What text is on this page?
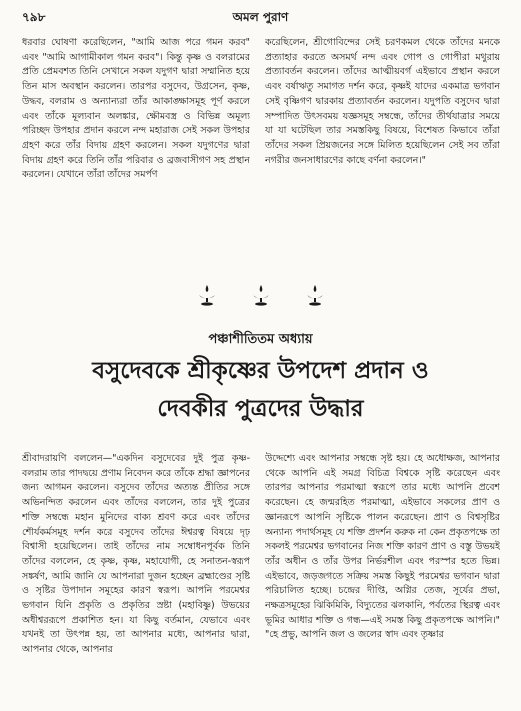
৭৯৮	অমল পুরাণ

ধরবার ঘোষণা করেছিলেন, "আমি আজ পরে গমন করব" এবং "আমি আগামীকাল গমন করব"। কিন্তু কৃষ্ণ ও বলরামের প্রতি প্রেমবশত তিনি সেখানে সকল যদুগণ দ্বারা সম্মানিত হয়ে তিন মাস অবস্থান করলেন। তারপর বসুদেব, উগ্রসেন, কৃষ্ণ, উদ্ধব, বলরাম ও অন্যান্যরা তাঁর আকাঙ্ক্ষাসমূহ পূর্ণ করলে এবং তাঁকে মূল্যবান অলঙ্কার, ক্ষৌমবস্ত্র ও বিভিন্ন অমূল্য পরিচ্ছদ উপহার প্রদান করলে নন্দ মহারাজ সেই সকল উপহার গ্রহণ করে তাঁর বিদায় গ্রহণ করলেন। সকল যদুগণের দ্বারা বিদায় গ্রহণ করে তিনি তাঁর পরিবার ও ব্রজবাসীগণ সহ প্রস্থান করলেন। যেখানে তাঁরা তাঁদের সমর্পণ

করেছিলেন, শ্রীগোবিন্দের সেই চরণকমল থেকে তাঁদের মনকে প্রত্যাহার করতে অসমর্থ নন্দ এবং গোপ ও গোপীরা মথুরায় প্রত্যাবর্তন করলেন। তাঁদের আত্মীয়বর্গ এইভাবে প্রস্থান করলে এবং বর্ষাঋতু সমাগত দর্শন করে, কৃষ্ণই যাদের একমাত্র ভগবান সেই বৃষ্ণিগণ দ্বারকায় প্রত্যাবর্তন করলেন। যদুপতি বসুদেব দ্বারা সম্পাদিত উৎসবময় যজ্ঞসমূহ সম্বন্ধে, তাঁদের তীর্থযাত্রার সময়ে যা যা ঘটেছিল তার সমস্তকিছু বিষয়ে, বিশেষত কিভাবে তাঁরা তাঁদের সকল প্রিয়জনের সঙ্গে মিলিত হয়েছিলেন সেই সব তাঁরা নগরীর জনসাধারণের কাছে বর্ণনা করলেন।"

পঞ্চাশীতিতম অধ্যায়
বসুদেবকে শ্রীকৃষ্ণের উপদেশ প্রদান ও
দেবকীর পুত্রদের উদ্ধার

শ্রীবাদরায়ণি বললেন—"একদিন বসুদেবের দুই পুত্র কৃষ্ণ-বলরাম তার পাদদ্বয়ে প্রণাম নিবেদন করে তাঁকে শ্রদ্ধা জ্ঞাপনের জন্য আগমন করলেন। বসুদেব তাঁদের অত্যন্ত প্রীতির সঙ্গে অভিনন্দিত করলেন এবং তাঁদের বললেন, তার দুই পুত্রের শক্তি সম্বন্ধে মহান মুনিদের বাক্য শ্রবণ করে এবং তাঁদের শৌর্যকর্মসমূহ দর্শন করে বসুদেব তাঁদের ঈশ্বরত্ব বিষয়ে দৃঢ় বিশ্বাসী হয়েছিলেন। তাই তাঁদের নাম সম্বোধনপূর্বক তিনি তাঁদের বললেন, হে কৃষ্ণ, কৃষ্ণ, মহাযোগী, হে সনাতন-স্বরূপ সঙ্কর্ষণ, আমি জানি যে আপনারা দুজন হচ্ছেন ব্রহ্মাণ্ডের সৃষ্টি ও সৃষ্টির উপাদান সমূহের কারণ স্বরূপ। আপনি পরমেশ্বর ভগবান যিনি প্রকৃতি ও প্রকৃতির স্রষ্টা (মহাবিষ্ণু) উভয়ের অধীশ্বররূপে প্রকাশিত হন। যা কিছু বর্তমান, যেভাবে এবং যখনই তা উৎপন্ন হয়, তা আপনার মধ্যে, আপনার দ্বারা, আপনার থেকে, আপনার

উদ্দেশ্যে এবং আপনার সম্বন্ধে সৃষ্ট হয়। হে অধোক্ষজ, আপনার থেকে আপনি এই সমগ্র বিচিত্র বিশ্বকে সৃষ্টি করেছেন এবং তারপর আপনার পরমাত্মা স্বরূপে তার মধ্যে আপনি প্রবেশ করেছেন। হে জন্মরহিত পরমাত্মা, এইভাবে সকলের প্রাণ ও জ্ঞানরূপে আপনি সৃষ্টিকে পালন করেছেন। প্রাণ ও বিশ্বসৃষ্টির অন্যান্য পদার্থসমূহ যে শক্তি প্রদর্শন করুক না কেন প্রকৃতপক্ষে তা সকলই পরমেশ্বর ভগবানের নিজ শক্তি কারণ প্রাণ ও বস্তু উভয়ই তাঁর অধীন ও তাঁর উপর নির্ভরশীল এবং পরস্পর হতে ভিন্ন। এইভাবে, জড়জগতে সক্রিয় সমস্ত কিছুই পরমেশ্বর ভগবান দ্বারা পরিচালিত হচ্ছে। চন্দ্রের দীপ্তি, অগ্নির তেজ, সূর্যের প্রভা, নক্ষত্রসমূহের ঝিকিমিকি, বিদ্যুতের ঝলকানি, পর্বতের স্থিরত্ব এবং ভূমির আধার শক্তি ও গন্ধ—এই সমস্ত কিছু প্রকৃতপক্ষে আপনি।" "হে প্রভু, আপনি জল ও জলের স্বাদ এবং তৃষ্ণার
